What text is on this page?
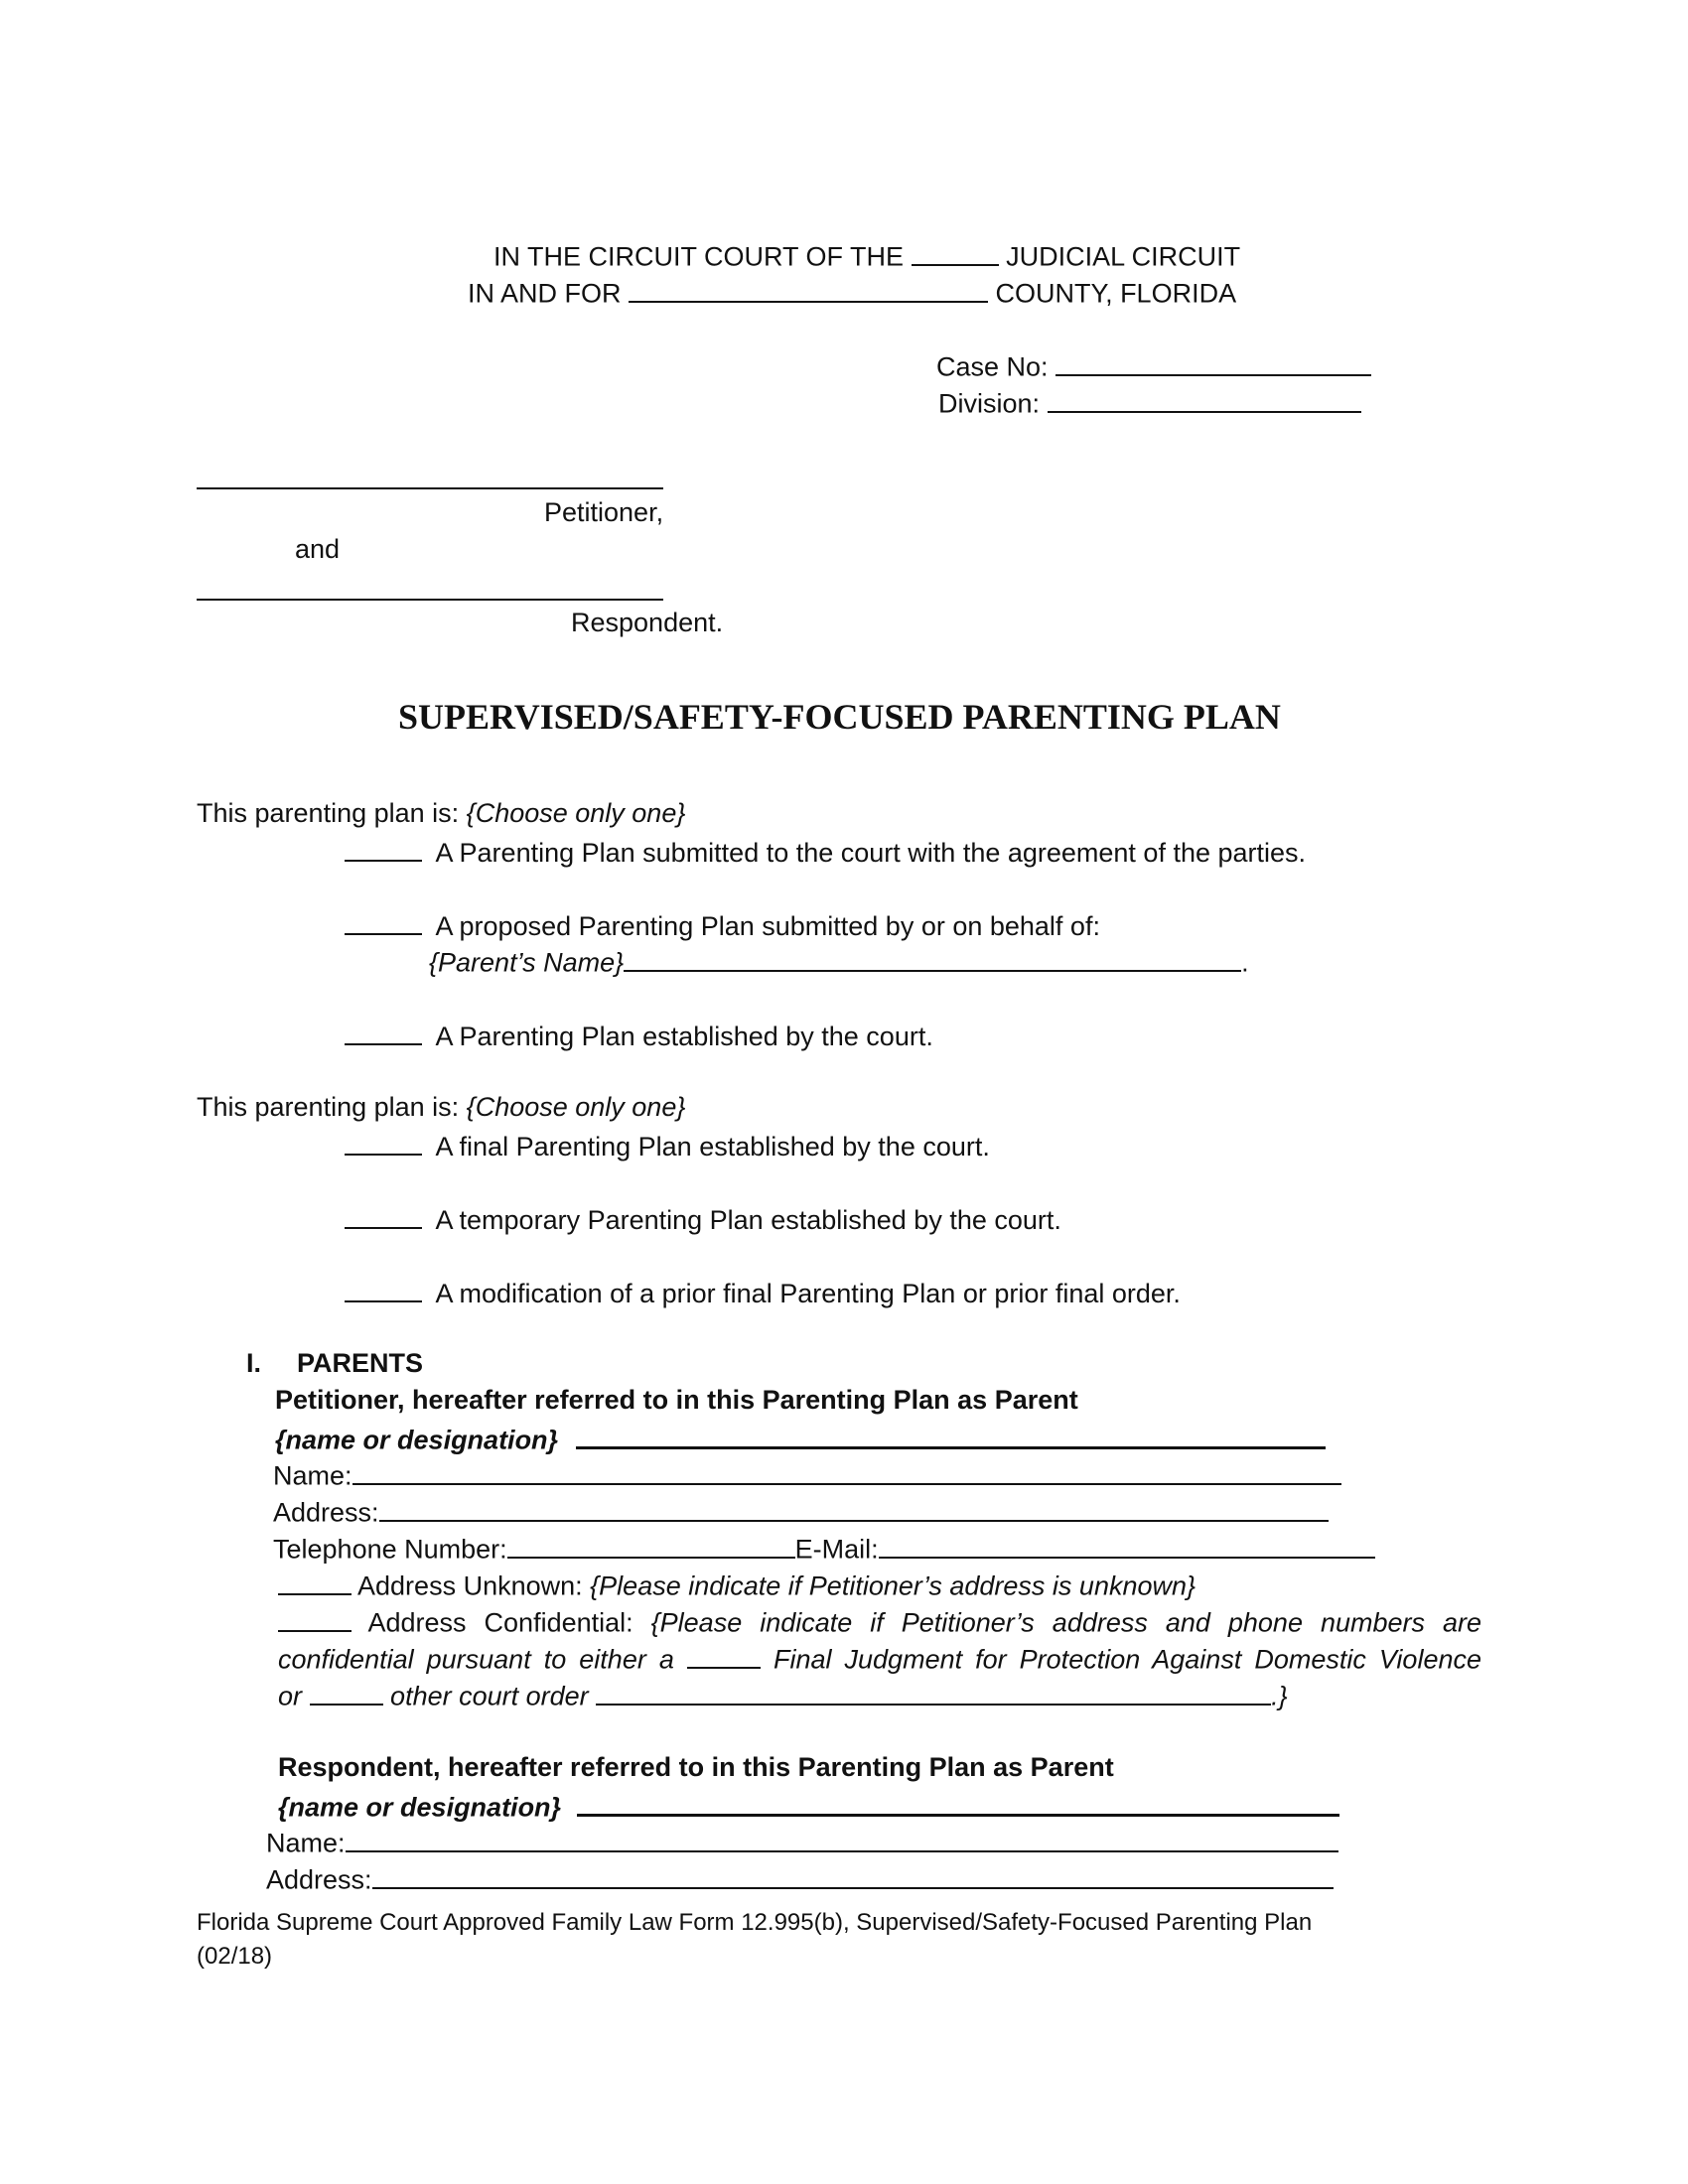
IN THE CIRCUIT COURT OF THE	JUDICIAL CIRCUIT
IN AND FOR	COUNTY, FLORIDA
Case No:
Division:
Petitioner,
and
Respondent.
SUPERVISED/SAFETY-FOCUSED PARENTING PLAN
This parenting plan is: {Choose only one}
A Parenting Plan submitted to the court with the agreement of the parties.
A proposed Parenting Plan submitted by or on behalf of:
{Parent’s Name}	.
A Parenting Plan established by the court.
This parenting plan is: {Choose only one}
A final Parenting Plan established by the court.
A temporary Parenting Plan established by the court.
A modification of a prior final Parenting Plan or prior final order.
I. PARENTS
Petitioner, hereafter referred to in this Parenting Plan as Parent
{name or designation}
Name:
Address:
Telephone Number:	E-Mail:
Address Unknown: {Please indicate if Petitioner’s address is unknown}
Address Confidential: {Please indicate if Petitioner’s address and phone numbers are
confidential pursuant to either a	Final Judgment for Protection Against Domestic Violence
or	other court order	.}
Respondent, hereafter referred to in this Parenting Plan as Parent
{name or designation}
Name:
Address:
Florida Supreme Court Approved Family Law Form 12.995(b), Supervised/Safety-Focused Parenting Plan
(02/18)
